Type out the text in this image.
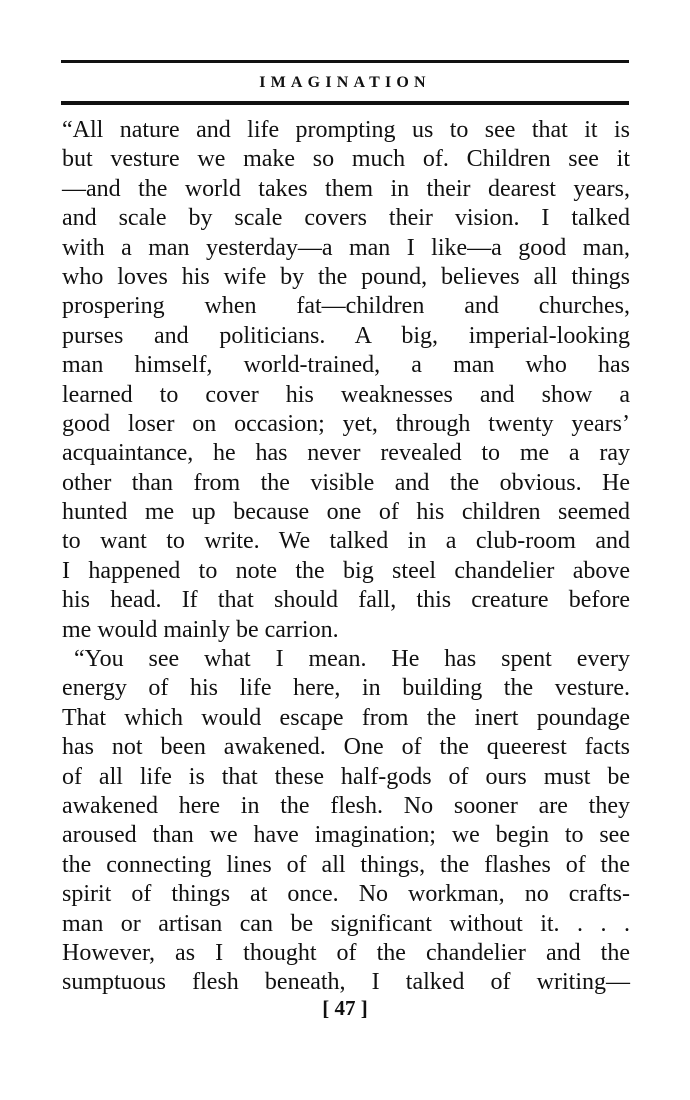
IMAGINATION
“All nature and life prompting us to see that it is
but vesture we make so much of. Children see it
—and the world takes them in their dearest years,
and scale by scale covers their vision. I talked
with a man yesterday—a man I like—a good man,
who loves his wife by the pound, believes all things
prospering when fat—children and churches,
purses and politicians. A big, imperial-looking
man himself, world-trained, a man who has
learned to cover his weaknesses and show a
good loser on occasion; yet, through twenty years’
acquaintance, he has never revealed to me a ray
other than from the visible and the obvious. He
hunted me up because one of his children seemed
to want to write. We talked in a club-room and
I happened to note the big steel chandelier above
his head. If that should fall, this creature before
me would mainly be carrion.
“You see what I mean. He has spent every
energy of his life here, in building the vesture.
That which would escape from the inert poundage
has not been awakened. One of the queerest facts
of all life is that these half-gods of ours must be
awakened here in the flesh. No sooner are they
aroused than we have imagination; we begin to see
the connecting lines of all things, the flashes of the
spirit of things at once. No workman, no crafts-
man or artisan can be significant without it. . . .
However, as I thought of the chandelier and the
sumptuous flesh beneath, I talked of writing—
[ 47 ]
